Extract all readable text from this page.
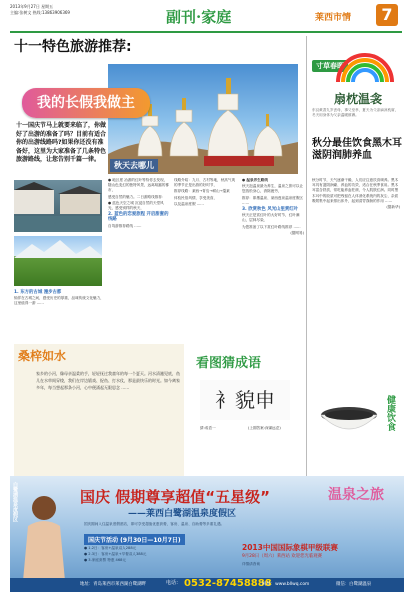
2013年9月27日 星期五
主编:张树文 热线:13863906369	副刊·家庭	莱西市情	7
十一特色旅游推荐:
秋天去哪儿
我的长假我做主
十一国庆节马上就要来临了，你做好了出游的准备了吗？目前有适合你的出游线路吗?如果你还没有准备好，这里为大家准备了几条特色旅游路线，让您告别千篇一律。

● 地区度 冶游的红叶等待你去发现，随山色变幻的独特风景，远离喧嚣的都市，

感受自然的魅力。二日游路线推荐：

● 蓝色天空之城 沉浸自然的天堂风光，感受别样的秋天，

2. 蓝色的恋爱旅程 开启甜蜜的线路

自驾游推荐路线 ……

线路介绍：九月、古村等地，秋高气爽的季节正是出游的好时节，

推荐线路：莱西→青岛→崂山→蓬莱

体验民俗风情，享受美食，

以及温泉度假 ……

● 温泉养生路线

秋天泡温泉最为养生，温泉之旅可以让您放松身心，消除疲劳，

推荐：即墨温泉、莱西莲泉温泉度假区 ……

3. 欣赏秋色 风光山里赏红叶

秋天正是赏红叶的大好时节，红叶满山，层林尽染，

为您准备了以下赏红叶路线推荐 ……

(据网易)

1. 东方的古城 漫步古都

徜徉在古城之间，感受历史的厚重，品味传统文化魅力，这里值得一游 ……

寸草春晖
扇枕温衾
东汉黄香九岁丧母，事父至孝，夏天为父亲扇凉枕席，冬天用身体为父亲温暖被褥。
秋分最佳饮食黑木耳 滋阴润肺养血

秋分时节，天气逐渐干燥，人们应注意饮食调养。黑木耳具有滋阴润燥、养血的功效，适合在秋季食用。黑木耳富含铁质，常吃能养血驻颜，令人肌肤红润。同时黑木耳中的胶质可把残留在人体消化系统内的灰尘、杂质吸附集中起来排出体外，起到清胃涤肠的作用 ……

(据新华)

健康饮食
桑梓如水
家乡的小河，像母亲温柔的手，轻轻抚过我童年的每一个夏天。河水清澈见底，鱼儿在水草间穿梭，我们在岸边嬉戏、捉鱼、打水仗，那是最快乐的时光。如今离家多年，每当想起那条小河，心中便涌起无限思念 ……
看图猜成语
衤貌申
猜:成语一	(上期答案:深谋远虑)
国庆 假期尊享超值“五星级”
——莱西白鹭湖温泉度假区
温泉之旅
国庆期间入住温泉度假酒店，即可享受超值优惠套餐，客房、温泉、自助餐等多重礼遇。
国庆节活动 (9月30日—10月7日)

● 1.2日：客房+温泉双人288元

● 2.3日：客房+温泉+早餐双人388元

● 3.家庭套票 特惠 468元

2013中国国际象棋甲级联赛
9月28日（周六）莱西站 欢迎您光临观赛
详情请咨询
地址：青岛莱西市莱西湖白鹭湖畔	电话： 0532-87458888
网址：www.bllwq.com	微信：白鹭湖温泉
白鹭湖温泉度假区
